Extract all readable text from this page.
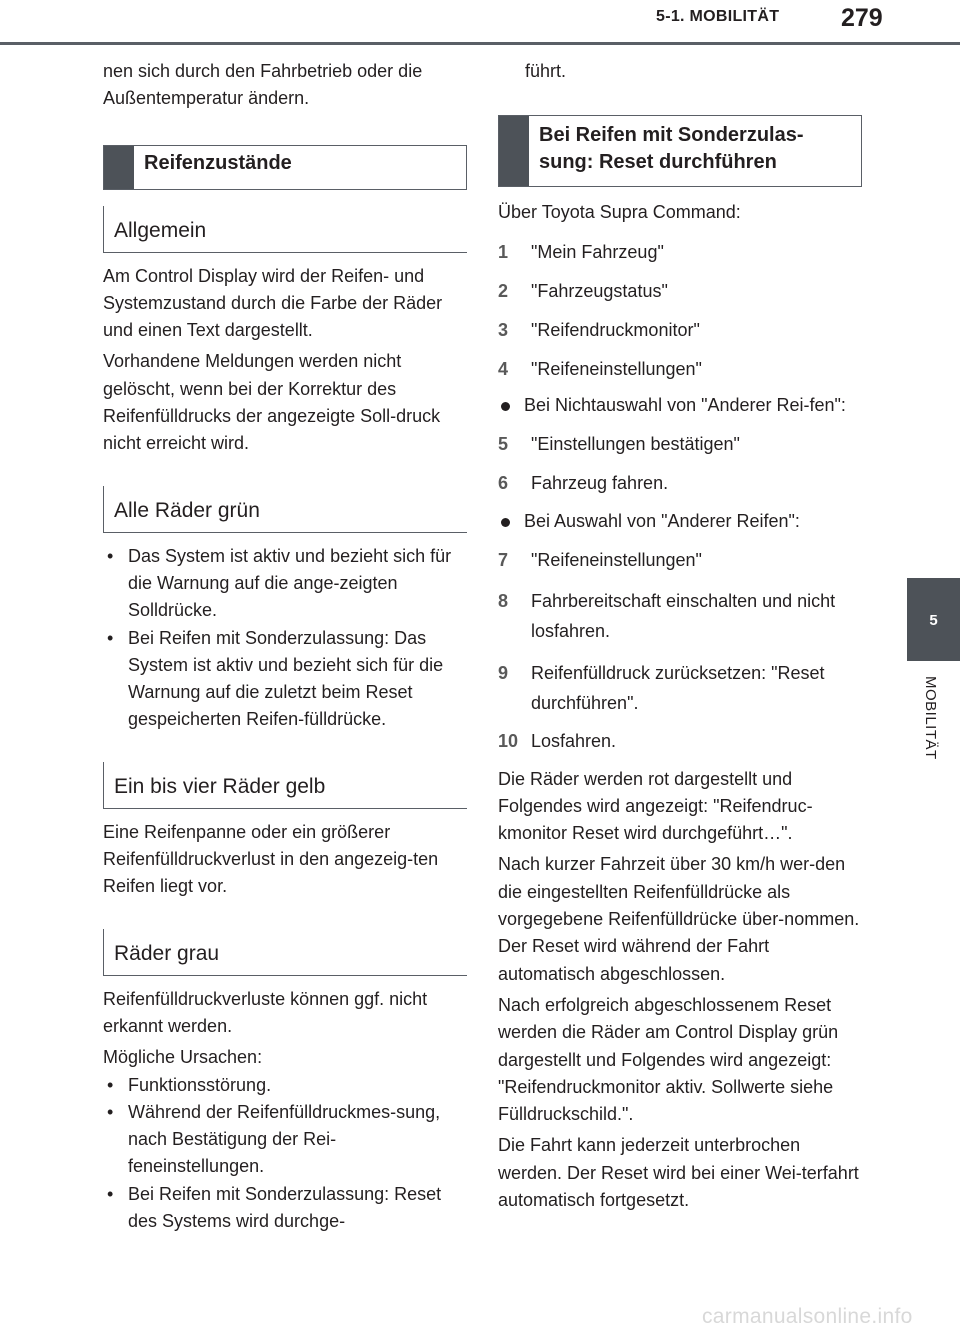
5-1. MOBILITÄT 279
5
MOBILITÄT

nen sich durch den Fahrbetrieb oder die Außentemperatur ändern.

Reifenzustände
Allgemein

Am Control Display wird der Reifen- und Systemzustand durch die Farbe der Räder und einen Text dargestellt.

Vorhandene Meldungen werden nicht gelöscht, wenn bei der Korrektur des Reifenfülldrucks der angezeigte Soll-druck nicht erreicht wird.

Alle Räder grün
• Das System ist aktiv und bezieht sich für die Warnung auf die ange-zeigten Solldrücke.
• Bei Reifen mit Sonderzulassung: Das System ist aktiv und bezieht sich für die Warnung auf die zuletzt beim Reset gespeicherten Reifen-fülldrücke.
Ein bis vier Räder gelb

Eine Reifenpanne oder ein größerer Reifenfülldruckverlust in den angezeig-ten Reifen liegt vor.

Räder grau

Reifenfülldruckverluste können ggf. nicht erkannt werden.

Mögliche Ursachen:

• Funktionsstörung.
• Während der Reifenfülldruckmes-sung, nach Bestätigung der Rei-feneinstellungen.
• Bei Reifen mit Sonderzulassung: Reset des Systems wird durchge-

führt.

Bei Reifen mit Sonderzulas-sung: Reset durchführen

Über Toyota Supra Command:

1 "Mein Fahrzeug"
2 "Fahrzeugstatus"
3 "Reifendruckmonitor"
4 "Reifeneinstellungen"
Bei Nichtauswahl von "Anderer Rei-fen":
5 "Einstellungen bestätigen"
6 Fahrzeug fahren.
Bei Auswahl von "Anderer Reifen":
7 "Reifeneinstellungen"
8 Fahrbereitschaft einschalten und nicht losfahren.
9 Reifenfülldruck zurücksetzen: "Reset durchführen".
10 Losfahren.

Die Räder werden rot dargestellt und Folgendes wird angezeigt: "Reifendruc-kmonitor Reset wird durchgeführt…".

Nach kurzer Fahrzeit über 30 km/h wer-den die eingestellten Reifenfülldrücke als vorgegebene Reifenfülldrücke über-nommen. Der Reset wird während der Fahrt automatisch abgeschlossen.

Nach erfolgreich abgeschlossenem Reset werden die Räder am Control Display grün dargestellt und Folgendes wird angezeigt: "Reifendruckmonitor aktiv. Sollwerte siehe Fülldruckschild.".

Die Fahrt kann jederzeit unterbrochen werden. Der Reset wird bei einer Wei-terfahrt automatisch fortgesetzt.

carmanualsonline.info
